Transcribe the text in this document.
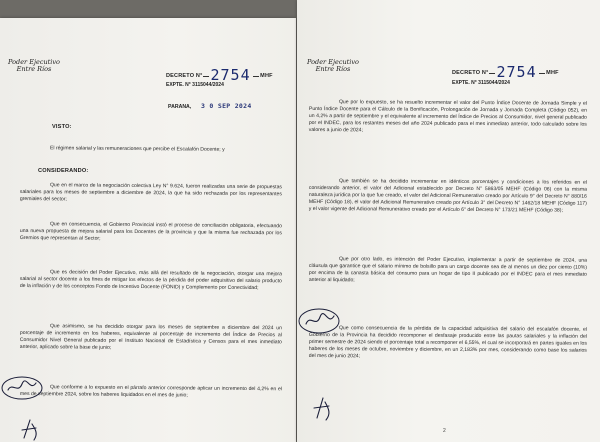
Poder Ejecutivo
Entre Ríos
DECRETO N° 2754 MHF
EXPTE. N° 3115044/2024
PARANA, 3 0 SEP 2024
VISTO:
El régimen salarial y las remuneraciones que percibe el Escalafón Docente; y
CONSIDERANDO:
Que en el marco de la negociación colectiva Ley N° 9.624, fueron realizadas una serie de propuestas salariales para los meses de septiembre a diciembre de 2024, la que ha sido rechazada por los representantes gremiales del sector;
Que en consecuencia, el Gobierno Provincial instó el proceso de conciliación obligatoria, efectuando una nueva propuesta de mejora salarial para los Docentes de la provincia y que la misma fue rechazada por los Gremios que representan al Sector;
Que es decisión del Poder Ejecutivo, más allá del resultado de la negociación, otorgar una mejora salarial al sector docente a los fines de mitigar los efectos de la pérdida del poder adquisitivo del salario producto de la inflación y de los conceptos Fondo de Incentivo Docente (FONID) y Complemento por Conectividad;
Que asimismo, se ha decidido otorgar para los meses de septiembre a diciembre del 2024 un porcentaje de incremento en los haberes, equivalente al porcentaje de incremento del Índice de Precios al Consumidor Nivel General publicado por el Instituto Nacional de Estadística y Censos para el mes inmediato anterior, aplicado sobre la base de junio;
Que conforme a lo expuesto en el párrafo anterior corresponde aplicar un incremento del 4,2% en el mes de septiembre 2024, sobre los haberes liquidados en el mes de junio;
Poder Ejecutivo
Entre Ríos	DECRETO N° 2754 MHF
EXPTE. N° 3115044/2024
Que por lo expuesto, se ha resuelto incrementar el valor del Punto Índice Docente de Jornada Simple y el Punto Índice Docente para el Cálculo de la Bonificación, Prolongación de Jornada y Jornada Completa (Código 052), en un 4,2% a partir de septiembre y el equivalente al incremento del Índice de Precios al Consumidor, nivel general publicado por el INDEC, para los restantes meses del año 2024 publicado para el mes inmediato anterior, todo calculado sobre los valores a junio de 2024;
Que también se ha decidido incrementar en idénticos porcentajes y condiciones a los referidos en el considerando anterior, el valor del Adicional establecido por Decreto N° 5863/05 MEHF (Código 06) con la misma naturaleza jurídica por la que fue creado, el valor del Adicional Remunerativo creado por Artículo 9° del Decreto N° 880/16 MEHF (Código 18), el valor del Adicional Remunerativo creado por Artículo 3° del Decreto N° 1462/18 MEHF (Código 117) y el valor vigente del Adicional Remunerativo creado por el Artículo 6° del Decreto N° 173/21 MEHF (Código 38);
Que por otro lado, es intención del Poder Ejecutivo, implementar a partir de septiembre de 2024, una cláusula que garantice que el salario mínimo de bolsillo para un cargo docente sea de al menos un diez por ciento (10%) por encima de la canasta básica del consumo para un hogar de tipo II publicado por el INDEC para el mes inmediato anterior al liquidado;
Que como consecuencia de la pérdida de la capacidad adquisitiva del salario del escalafón docente, el Gobierno de la Provincia ha decidido recomponer el desfasaje producido entre las pautas salariales y la inflación del primer semestre de 2024 siendo el porcentaje total a recomponer el 6,55%, el cual se incorporará en partes iguales en los haberes de los meses de octubre, noviembre y diciembre, en un 2,183% por mes, considerando como base los salarios del mes de junio 2024;
2
